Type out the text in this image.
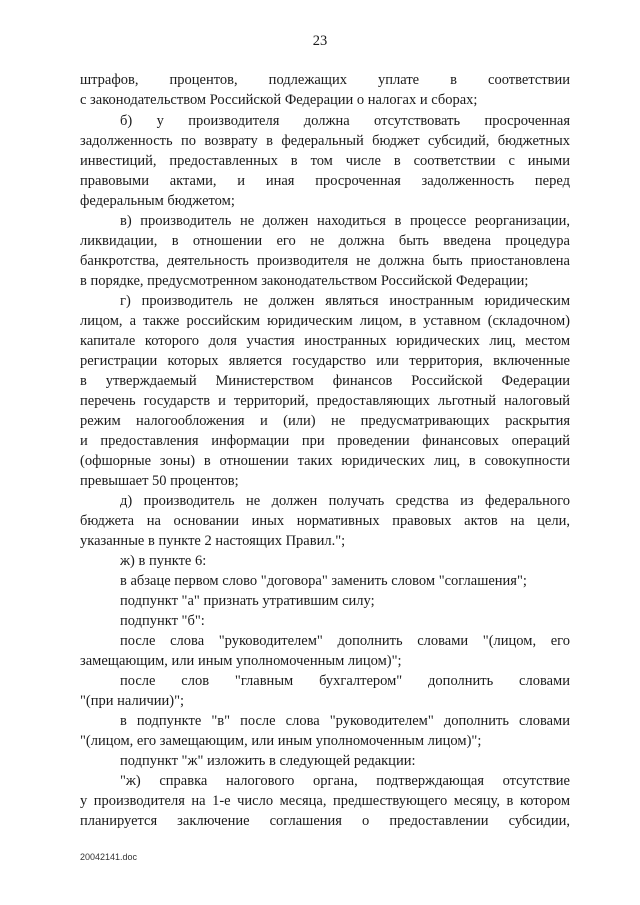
23
штрафов, процентов, подлежащих уплате в соответствии
с законодательством Российской Федерации о налогах и сборах;
б) у производителя должна отсутствовать просроченная
задолженность по возврату в федеральный бюджет субсидий, бюджетных
инвестиций, предоставленных в том числе в соответствии с иными
правовыми актами, и иная просроченная задолженность перед
федеральным бюджетом;
в) производитель не должен находиться в процессе реорганизации,
ликвидации, в отношении его не должна быть введена процедура
банкротства, деятельность производителя не должна быть приостановлена
в порядке, предусмотренном законодательством Российской Федерации;
г) производитель не должен являться иностранным юридическим
лицом, а также российским юридическим лицом, в уставном (складочном)
капитале которого доля участия иностранных юридических лиц, местом
регистрации которых является государство или территория, включенные
в утверждаемый Министерством финансов Российской Федерации
перечень государств и территорий, предоставляющих льготный налоговый
режим налогообложения и (или) не предусматривающих раскрытия
и предоставления информации при проведении финансовых операций
(офшорные зоны) в отношении таких юридических лиц, в совокупности
превышает 50 процентов;
д) производитель не должен получать средства из федерального
бюджета на основании иных нормативных правовых актов на цели,
указанные в пункте 2 настоящих Правил.";
ж) в пункте 6:
в абзаце первом слово "договора" заменить словом "соглашения";
подпункт "а" признать утратившим силу;
подпункт "б":
после слова "руководителем" дополнить словами "(лицом, его
замещающим, или иным уполномоченным лицом)";
после слов "главным бухгалтером" дополнить словами
"(при наличии)";
в подпункте "в" после слова "руководителем" дополнить словами
"(лицом, его замещающим, или иным уполномоченным лицом)";
подпункт "ж" изложить в следующей редакции:
"ж) справка налогового органа, подтверждающая отсутствие
у производителя на 1-е число месяца, предшествующего месяцу, в котором
планируется заключение соглашения о предоставлении субсидии,
20042141.doc
